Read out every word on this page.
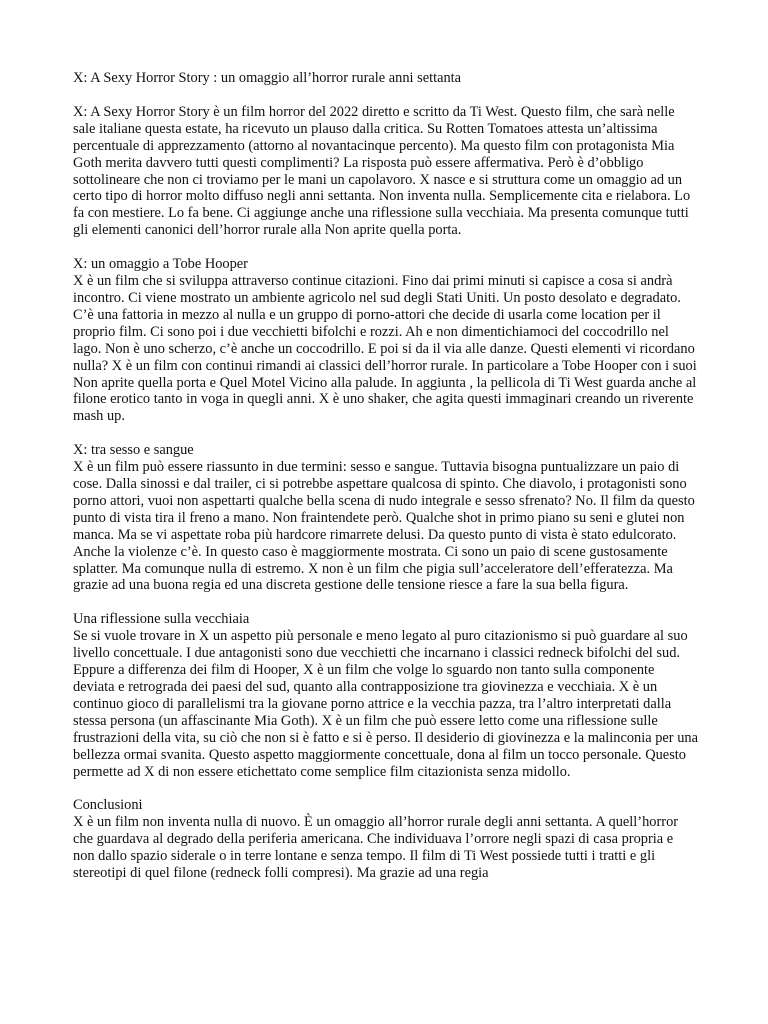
X: A Sexy Horror Story : un omaggio all’horror rurale anni settanta

X: A Sexy Horror Story è un film horror del 2022 diretto e scritto da Ti West. Questo film, che sarà nelle sale italiane questa estate, ha ricevuto un plauso dalla critica. Su Rotten Tomatoes attesta un’altissima percentuale di apprezzamento (attorno al novantacinque percento). Ma questo film con protagonista Mia Goth merita davvero tutti questi complimenti? La risposta può essere affermativa. Però è d’obbligo sottolineare che non ci troviamo per le mani un capolavoro. X nasce e si struttura come un omaggio ad un certo tipo di horror molto diffuso negli anni settanta. Non inventa nulla. Semplicemente cita e rielabora. Lo fa con mestiere. Lo fa bene. Ci aggiunge anche una riflessione sulla vecchiaia. Ma presenta comunque tutti gli elementi canonici dell’horror rurale alla Non aprite quella porta.

X: un omaggio a Tobe Hooper

X è un film che si sviluppa attraverso continue citazioni. Fino dai primi minuti si capisce a cosa si andrà incontro. Ci viene mostrato un ambiente agricolo nel sud degli Stati Uniti. Un posto desolato e degradato. C’è una fattoria in mezzo al nulla e un gruppo di porno-attori che decide di usarla come location per il proprio film. Ci sono poi i due vecchietti bifolchi e rozzi. Ah e non dimentichiamoci del coccodrillo nel lago. Non è uno scherzo, c’è anche un coccodrillo. E poi si da il via alle danze. Questi elementi vi ricordano nulla? X è un film con continui rimandi ai classici dell’horror rurale. In particolare a Tobe Hooper con i suoi Non aprite quella porta e Quel Motel Vicino alla palude. In aggiunta , la pellicola di Ti West guarda anche al filone erotico tanto in voga in quegli anni. X è uno shaker, che agita questi immaginari creando un riverente mash up.

X: tra sesso e sangue

X è un film può essere riassunto in due termini: sesso e sangue. Tuttavia bisogna puntualizzare un paio di cose. Dalla sinossi e dal trailer, ci si potrebbe aspettare qualcosa di spinto. Che diavolo, i protagonisti sono porno attori, vuoi non aspettarti qualche bella scena di nudo integrale e sesso sfrenato? No. Il film da questo punto di vista tira il freno a mano. Non fraintendete però. Qualche shot in primo piano su seni e glutei non manca. Ma se vi aspettate roba più hardcore rimarrete delusi. Da questo punto di vista è stato edulcorato. Anche la violenze c’è. In questo caso è maggiormente mostrata. Ci sono un paio di scene gustosamente splatter. Ma comunque nulla di estremo. X non è un film che pigia sull’acceleratore dell’efferatezza. Ma grazie ad una buona regia ed una discreta gestione delle tensione riesce a fare la sua bella figura.

Una riflessione sulla vecchiaia

Se si vuole trovare in X un aspetto più personale e meno legato al puro citazionismo si può guardare al suo livello concettuale. I due antagonisti sono due vecchietti che incarnano i classici redneck bifolchi del sud. Eppure a differenza dei film di Hooper, X è un film che volge lo sguardo non tanto sulla componente deviata e retrograda dei paesi del sud, quanto alla contrapposizione tra giovinezza e vecchiaia. X è un continuo gioco di parallelismi tra la giovane porno attrice e la vecchia pazza, tra l’altro interpretati dalla stessa persona (un affascinante Mia Goth). X è un film che può essere letto come una riflessione sulle frustrazioni della vita, su ciò che non si è fatto e si è perso. Il desiderio di giovinezza e la malinconia per una bellezza ormai svanita. Questo aspetto maggiormente concettuale, dona al film un tocco personale. Questo permette ad X di non essere etichettato come semplice film citazionista senza midollo.

Conclusioni

X è un film non inventa nulla di nuovo. È un omaggio all’horror rurale degli anni settanta. A quell’horror che guardava al degrado della periferia americana. Che individuava l’orrore negli spazi di casa propria e non dallo spazio siderale o in terre lontane e senza tempo. Il film di Ti West possiede tutti i tratti e gli stereotipi di quel filone (redneck folli compresi). Ma grazie ad una regia
